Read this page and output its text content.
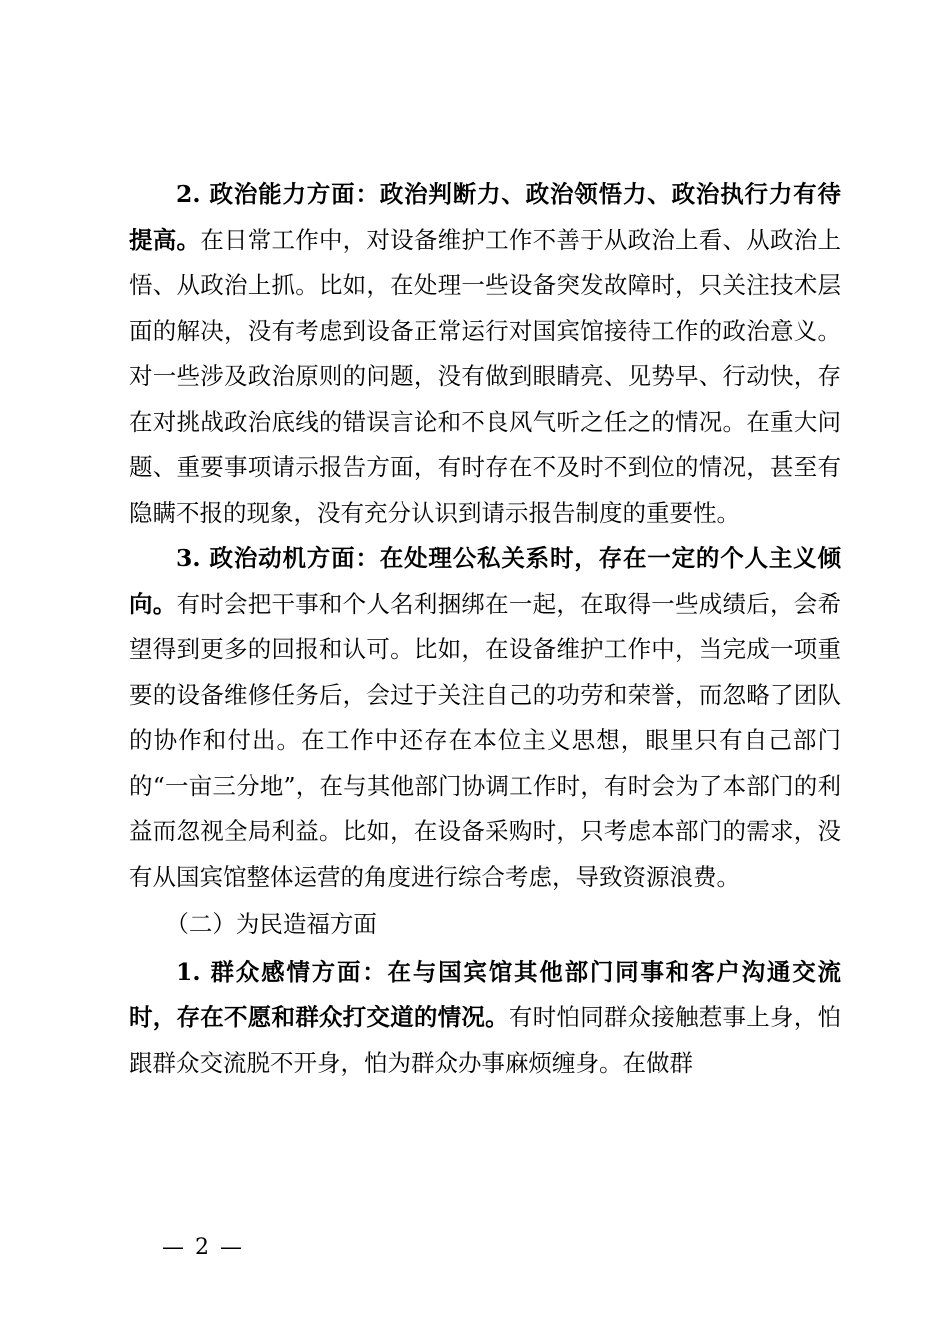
2. 政治能力方面：政治判断力、政治领悟力、政治执行力有待提高。在日常工作中，对设备维护工作不善于从政治上看、从政治上悟、从政治上抓。比如，在处理一些设备突发故障时，只关注技术层面的解决，没有考虑到设备正常运行对国宾馆接待工作的政治意义。对一些涉及政治原则的问题，没有做到眼睛亮、见势早、行动快，存在对挑战政治底线的错误言论和不良风气听之任之的情况。在重大问题、重要事项请示报告方面，有时存在不及时不到位的情况，甚至有隐瞒不报的现象，没有充分认识到请示报告制度的重要性。

3. 政治动机方面：在处理公私关系时，存在一定的个人主义倾向。有时会把干事和个人名利捆绑在一起，在取得一些成绩后，会希望得到更多的回报和认可。比如，在设备维护工作中，当完成一项重要的设备维修任务后，会过于关注自己的功劳和荣誉，而忽略了团队的协作和付出。在工作中还存在本位主义思想，眼里只有自己部门的“一亩三分地”，在与其他部门协调工作时，有时会为了本部门的利益而忽视全局利益。比如，在设备采购时，只考虑本部门的需求，没有从国宾馆整体运营的角度进行综合考虑，导致资源浪费。

（二）为民造福方面

1. 群众感情方面：在与国宾馆其他部门同事和客户沟通交流时，存在不愿和群众打交道的情况。有时怕同群众接触惹事上身，怕跟群众交流脱不开身，怕为群众办事麻烦缠身。在做群

— 2 —
